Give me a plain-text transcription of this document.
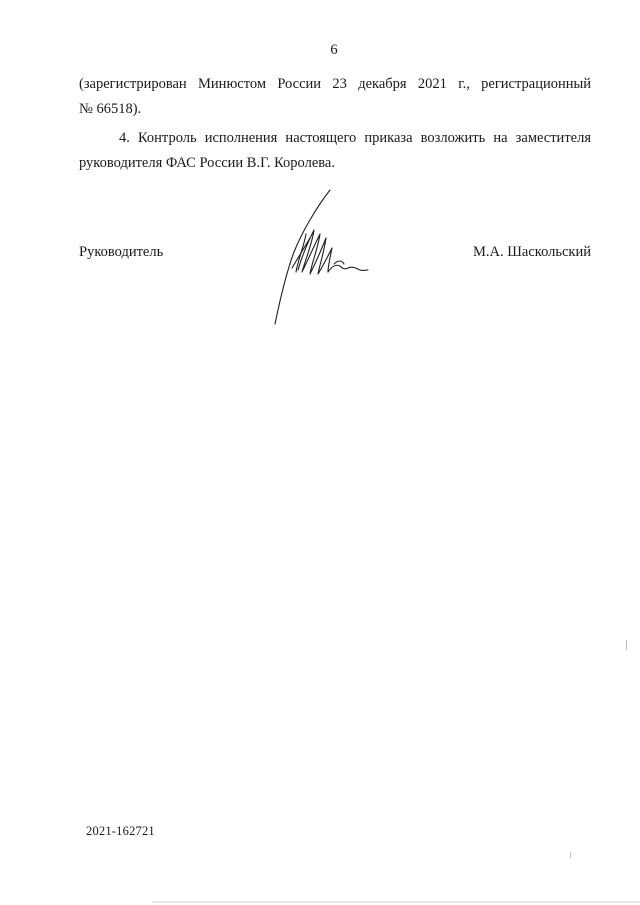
6
(зарегистрирован Минюстом России 23 декабря 2021 г., регистрационный
№ 66518).
4. Контроль исполнения настоящего приказа возложить на заместителя
руководителя ФАС России В.Г. Королева.
Руководитель	М.А. Шаскольский
2021-162721
